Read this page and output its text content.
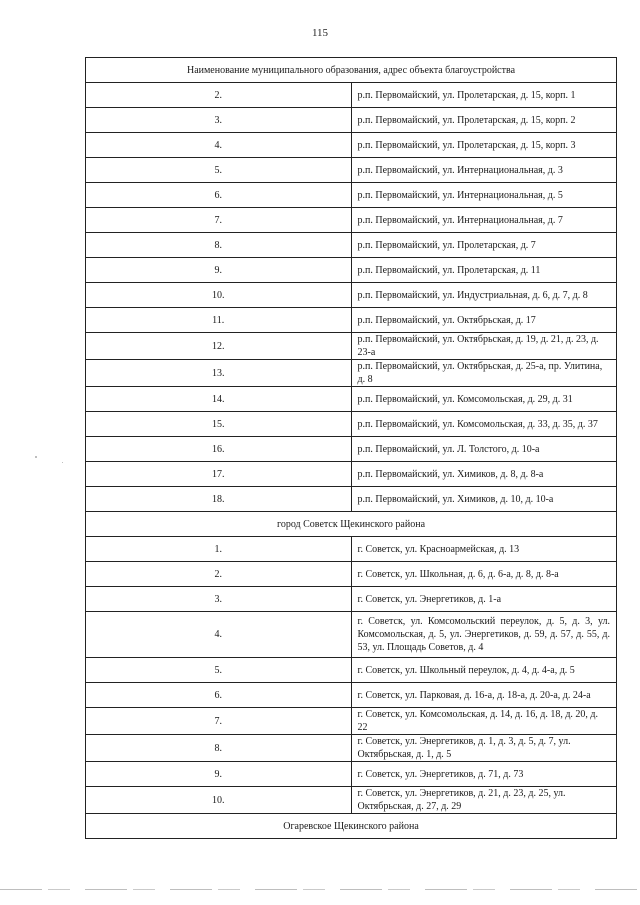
115
Наименование муниципального образования, адрес объекта благоустройства	
2.	р.п. Первомайский, ул. Пролетарская, д. 15, корп. 1
3.	р.п. Первомайский, ул. Пролетарская, д. 15, корп. 2
4.	р.п. Первомайский, ул. Пролетарская, д. 15, корп. 3
5.	р.п. Первомайский, ул. Интернациональная, д. 3
6.	р.п. Первомайский, ул. Интернациональная, д. 5
7.	р.п. Первомайский, ул. Интернациональная, д. 7
8.	р.п. Первомайский, ул. Пролетарская, д. 7
9.	р.п. Первомайский, ул. Пролетарская, д. 11
10.	р.п. Первомайский, ул. Индустриальная, д. 6, д. 7, д. 8
11.	р.п. Первомайский, ул. Октябрьская, д. 17
12.	р.п. Первомайский, ул. Октябрьская, д. 19, д. 21, д. 23, д. 23-а
13.	р.п. Первомайский, ул. Октябрьская, д. 25-а, пр. Улитина, д. 8
14.	р.п. Первомайский, ул. Комсомольская, д. 29, д. 31
15.	р.п. Первомайский, ул. Комсомольская, д. 33, д. 35, д. 37
16.	р.п. Первомайский, ул. Л. Толстого, д. 10-а
17.	р.п. Первомайский, ул. Химиков, д. 8, д. 8-а
18.	р.п. Первомайский, ул. Химиков, д. 10, д. 10-а
город Советск Щекинского района	
1.	г. Советск, ул. Красноармейская, д. 13
2.	г. Советск, ул. Школьная, д. 6, д. 6-а, д. 8, д. 8-а
3.	г. Советск, ул. Энергетиков, д. 1-а
4.	г. Советск, ул. Комсомольский переулок, д. 5, д. 3, ул. Комсомольская, д. 5, ул. Энергетиков, д. 59, д. 57, д. 55, д. 53, ул. Площадь Советов, д. 4
5.	г. Советск, ул. Школьный переулок, д. 4, д. 4-а, д. 5
6.	г. Советск, ул. Парковая, д. 16-а, д. 18-а, д. 20-а, д. 24-а
7.	г. Советск, ул. Комсомольская, д. 14, д. 16, д. 18, д. 20, д. 22
8.	г. Советск, ул. Энергетиков, д. 1, д. 3, д. 5, д. 7, ул. Октябрьская, д. 1, д. 5
9.	г. Советск, ул. Энергетиков, д. 71, д. 73
10.	г. Советск, ул. Энергетиков, д. 21, д. 23, д. 25, ул. Октябрьская, д. 27, д. 29
Огаревское Щекинского района	
